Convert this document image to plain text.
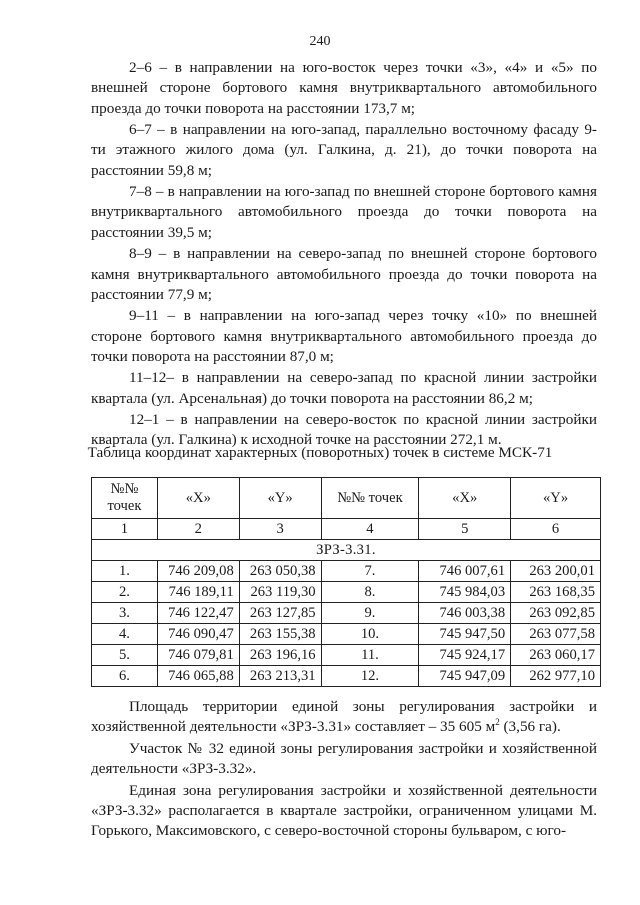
240

2–6 – в направлении на юго-восток через точки «3», «4» и «5» по внешней стороне бортового камня внутриквартального автомобильного проезда до точки поворота на расстоянии 173,7 м;

6–7 – в направлении на юго-запад, параллельно восточному фасаду 9-ти этажного жилого дома (ул. Галкина, д. 21), до точки поворота на расстоянии 59,8 м;

7–8 – в направлении на юго-запад по внешней стороне бортового камня внутриквартального автомобильного проезда до точки поворота на расстоянии 39,5 м;

8–9 – в направлении на северо-запад по внешней стороне бортового камня внутриквартального автомобильного проезда до точки поворота на расстоянии 77,9 м;

9–11 – в направлении на юго-запад через точку «10» по внешней стороне бортового камня внутриквартального автомобильного проезда до точки поворота на расстоянии 87,0 м;

11–12– в направлении на северо-запад по красной линии застройки квартала (ул. Арсенальная) до точки поворота на расстоянии 86,2 м;

12–1 – в направлении на северо-восток по красной линии застройки квартала (ул. Галкина) к исходной точке на расстоянии 272,1 м.

Таблица координат характерных (поворотных) точек в системе МСК-71
№№ точек	«X»	«Y»	№№ точек	«X»	«Y»
1	2	3	4	5	6
ЗРЗ-3.31.					
1.	746 209,08	263 050,38	7.	746 007,61	263 200,01
2.	746 189,11	263 119,30	8.	745 984,03	263 168,35
3.	746 122,47	263 127,85	9.	746 003,38	263 092,85
4.	746 090,47	263 155,38	10.	745 947,50	263 077,58
5.	746 079,81	263 196,16	11.	745 924,17	263 060,17
6.	746 065,88	263 213,31	12.	745 947,09	262 977,10

Площадь территории единой зоны регулирования застройки и хозяйственной деятельности «ЗРЗ-3.31» составляет – 35 605 $м^2$ (3,56 га).

Участок № 32 единой зоны регулирования застройки и хозяйственной деятельности «ЗРЗ-3.32».

Единая зона регулирования застройки и хозяйственной деятельности «ЗРЗ-3.32» располагается в квартале застройки, ограниченном улицами М. Горького, Максимовского, с северо-восточной стороны бульваром, с юго-
